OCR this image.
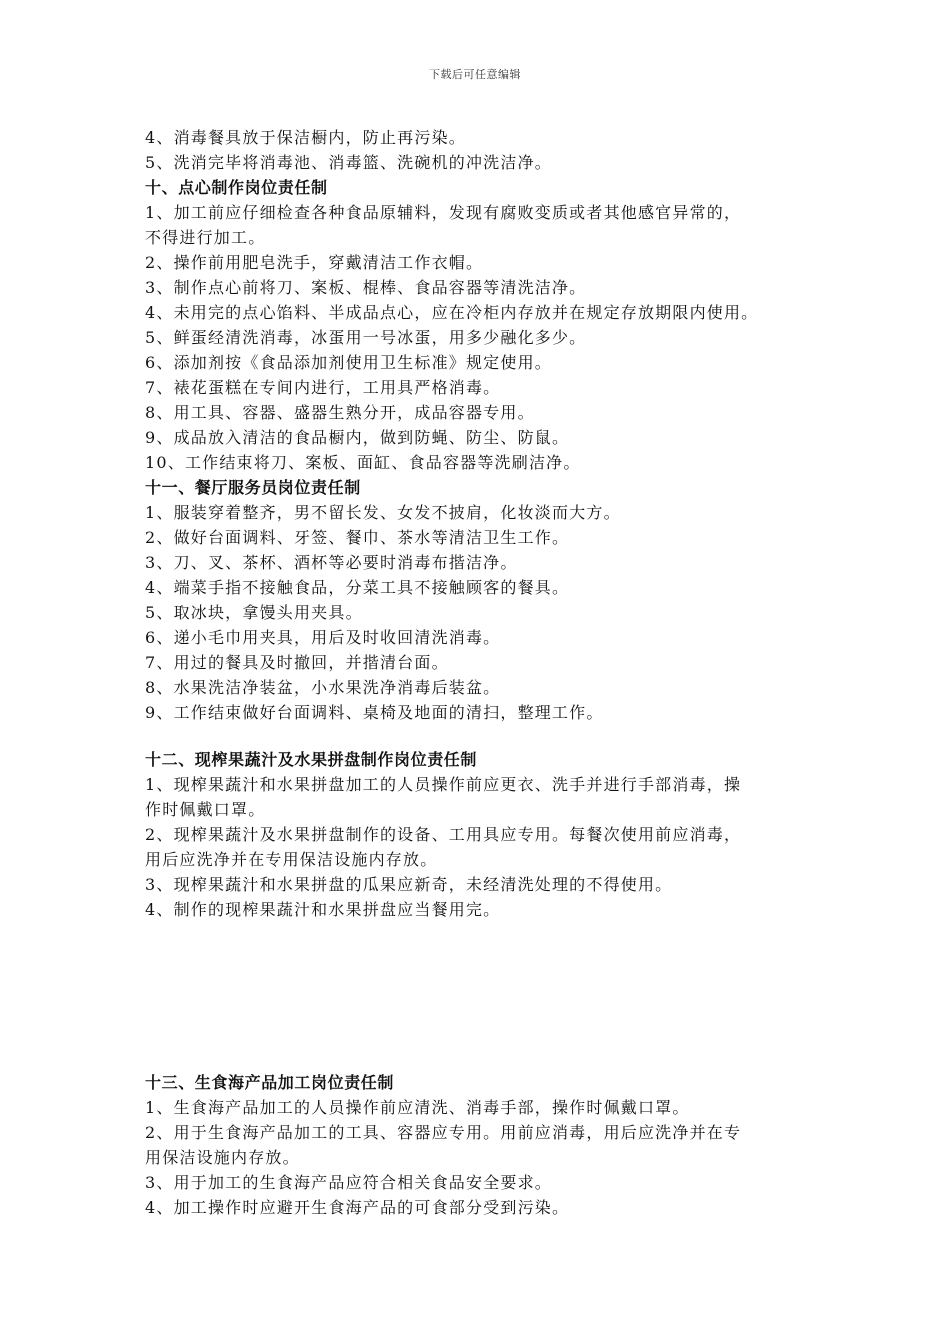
下载后可任意编辑
4、消毒餐具放于保洁橱内，防止再污染。
5、洗消完毕将消毒池、消毒篮、洗碗机的冲洗洁净。
十、点心制作岗位责任制
1、加工前应仔细检查各种食品原辅料，发现有腐败变质或者其他感官异常的，
不得进行加工。
2、操作前用肥皂洗手，穿戴清洁工作衣帽。
3、制作点心前将刀、案板、棍棒、食品容器等清洗洁净。
4、未用完的点心馅料、半成品点心，应在冷柜内存放并在规定存放期限内使用。
5、鲜蛋经清洗消毒，冰蛋用一号冰蛋，用多少融化多少。
6、添加剂按《食品添加剂使用卫生标准》规定使用。
7、裱花蛋糕在专间内进行，工用具严格消毒。
8、用工具、容器、盛器生熟分开，成品容器专用。
9、成品放入清洁的食品橱内，做到防蝇、防尘、防鼠。
10、工作结束将刀、案板、面缸、食品容器等洗刷洁净。
十一、餐厅服务员岗位责任制
1、服装穿着整齐，男不留长发、女发不披肩，化妆淡而大方。
2、做好台面调料、牙签、餐巾、茶水等清洁卫生工作。
3、刀、叉、茶杯、酒杯等必要时消毒布揩洁净。
4、端菜手指不接触食品，分菜工具不接触顾客的餐具。
5、取冰块，拿馒头用夹具。
6、递小毛巾用夹具，用后及时收回清洗消毒。
7、用过的餐具及时撤回，并揩清台面。
8、水果洗洁净装盆，小水果洗净消毒后装盆。
9、工作结束做好台面调料、桌椅及地面的清扫，整理工作。
十二、现榨果蔬汁及水果拼盘制作岗位责任制
1、现榨果蔬汁和水果拼盘加工的人员操作前应更衣、洗手并进行手部消毒，操
作时佩戴口罩。
2、现榨果蔬汁及水果拼盘制作的设备、工用具应专用。每餐次使用前应消毒，
用后应洗净并在专用保洁设施内存放。
3、现榨果蔬汁和水果拼盘的瓜果应新奇，未经清洗处理的不得使用。
4、制作的现榨果蔬汁和水果拼盘应当餐用完。
十三、生食海产品加工岗位责任制
1、生食海产品加工的人员操作前应清洗、消毒手部，操作时佩戴口罩。
2、用于生食海产品加工的工具、容器应专用。用前应消毒，用后应洗净并在专
用保洁设施内存放。
3、用于加工的生食海产品应符合相关食品安全要求。
4、加工操作时应避开生食海产品的可食部分受到污染。
